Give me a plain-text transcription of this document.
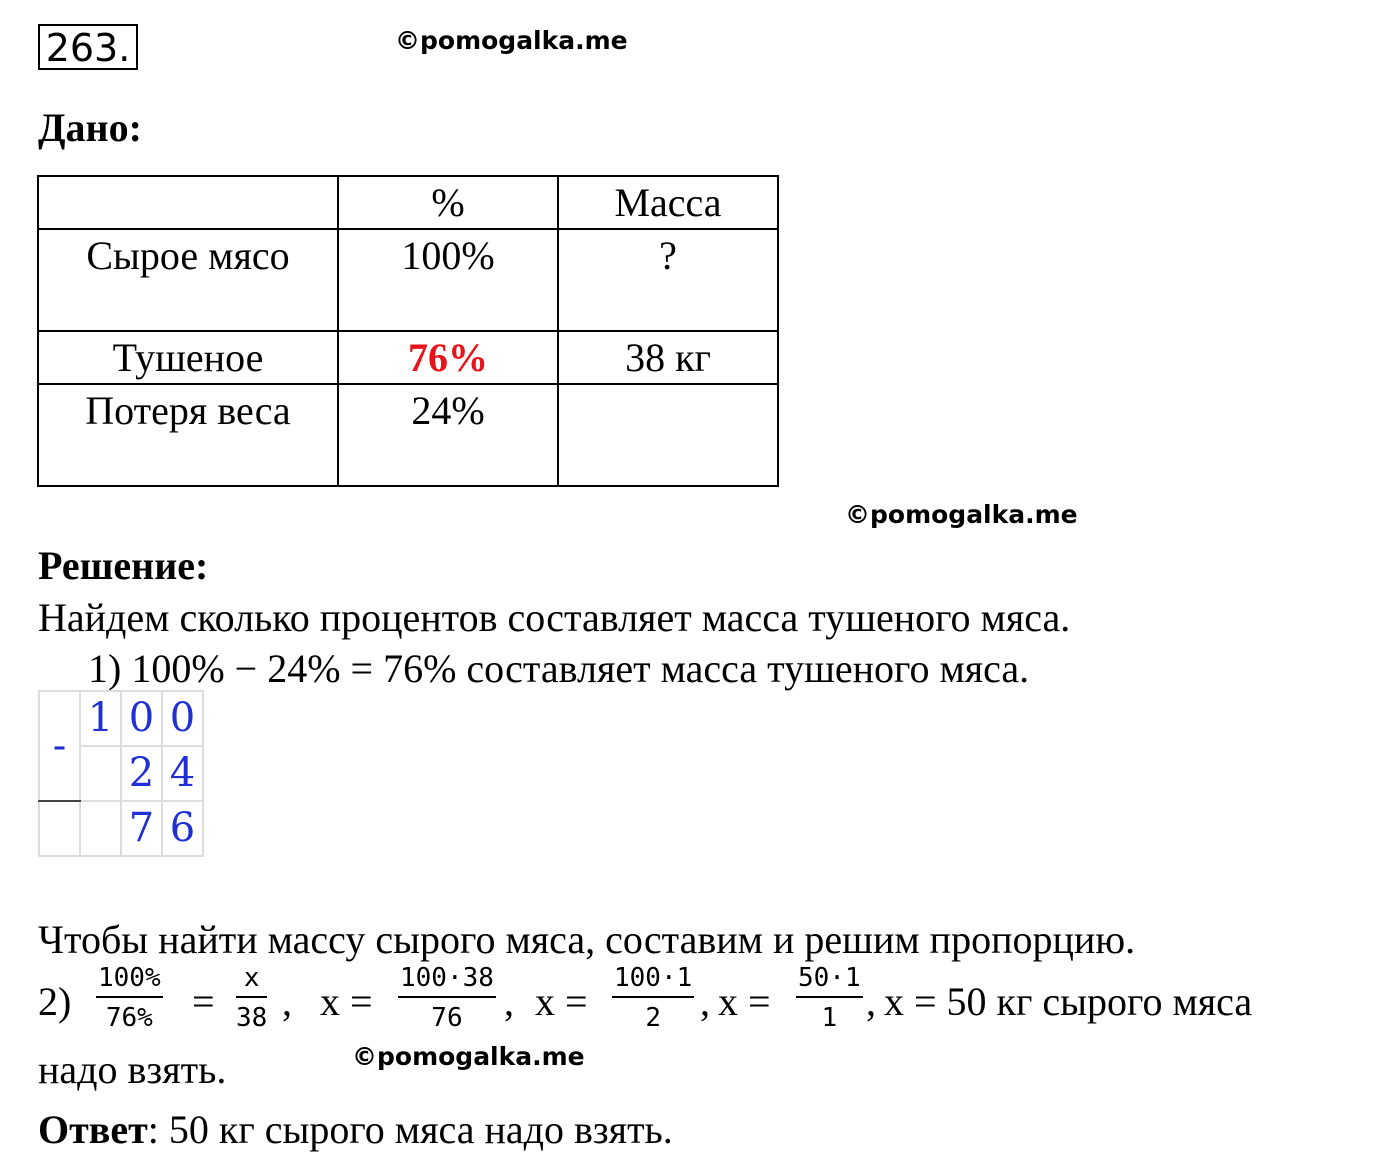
263.	©pomogalka.me
Дано:
	%	Масса
Сырое мясо	100%	?
Тушеное	76%	38 кг
Потеря веса	24%	
©pomogalka.me
Решение:
Найдем сколько процентов составляет масса тушеного мяса.
1) 100% − 24% = 76% составляет масса тушеного мяса.
-	1	0	0
		2	4
		7	6
Чтобы найти массу сырого мяса, составим и решим пропорцию.
$2) \frac{100\%}{76\%} = \frac{x}{38}$ , $x = \frac{100\cdot 38}{76}$ , $x = \frac{100\cdot 1}{2}$ , $x = \frac{50\cdot 1}{1}$ , x = 50 кг сырого мяса
надо взять.	©pomogalka.me
Ответ: 50 кг сырого мяса надо взять.
